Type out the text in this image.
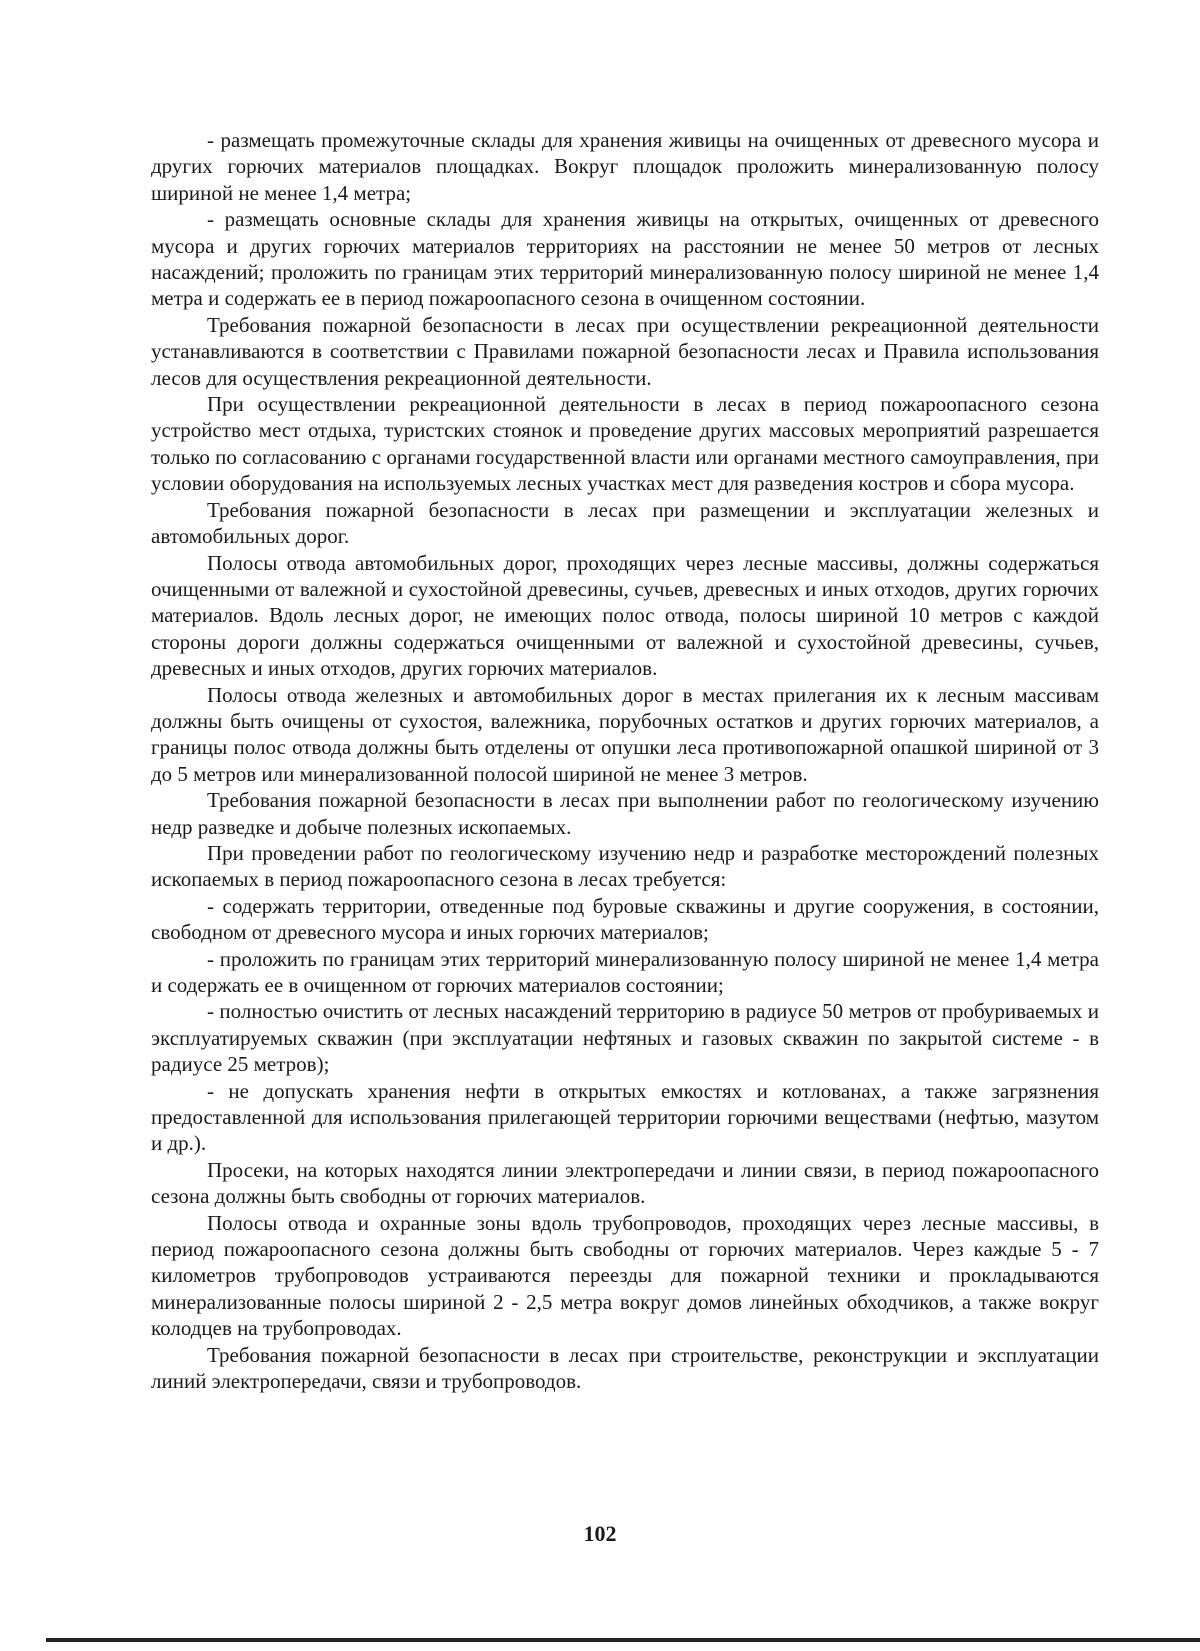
- размещать промежуточные склады для хранения живицы на очищенных от древесного мусора и других горючих материалов площадках. Вокруг площадок проложить минерализованную полосу шириной не менее 1,4 метра;

- размещать основные склады для хранения живицы на открытых, очищенных от древесного мусора и других горючих материалов территориях на расстоянии не менее 50 метров от лесных насаждений; проложить по границам этих территорий минерализованную полосу шириной не менее 1,4 метра и содержать ее в период пожароопасного сезона в очищенном состоянии.

Требования пожарной безопасности в лесах при осуществлении рекреационной деятельности устанавливаются в соответствии с Правилами пожарной безопасности лесах и Правила использования лесов для осуществления рекреационной деятельности.

При осуществлении рекреационной деятельности в лесах в период пожароопасного сезона устройство мест отдыха, туристских стоянок и проведение других массовых мероприятий разрешается только по согласованию с органами государственной власти или органами местного самоуправления, при условии оборудования на используемых лесных участках мест для разведения костров и сбора мусора.

Требования пожарной безопасности в лесах при размещении и эксплуатации железных и автомобильных дорог.

Полосы отвода автомобильных дорог, проходящих через лесные массивы, должны содержаться очищенными от валежной и сухостойной древесины, сучьев, древесных и иных отходов, других горючих материалов. Вдоль лесных дорог, не имеющих полос отвода, полосы шириной 10 метров с каждой стороны дороги должны содержаться очищенными от валежной и сухостойной древесины, сучьев, древесных и иных отходов, других горючих материалов.

Полосы отвода железных и автомобильных дорог в местах прилегания их к лесным массивам должны быть очищены от сухостоя, валежника, порубочных остатков и других горючих материалов, а границы полос отвода должны быть отделены от опушки леса противопожарной опашкой шириной от 3 до 5 метров или минерализованной полосой шириной не менее 3 метров.

Требования пожарной безопасности в лесах при выполнении работ по геологическому изучению недр разведке и добыче полезных ископаемых.

При проведении работ по геологическому изучению недр и разработке месторождений полезных ископаемых в период пожароопасного сезона в лесах требуется:

- содержать территории, отведенные под буровые скважины и другие сооружения, в состоянии, свободном от древесного мусора и иных горючих материалов;

- проложить по границам этих территорий минерализованную полосу шириной не менее 1,4 метра и содержать ее в очищенном от горючих материалов состоянии;

- полностью очистить от лесных насаждений территорию в радиусе 50 метров от пробуриваемых и эксплуатируемых скважин (при эксплуатации нефтяных и газовых скважин по закрытой системе - в радиусе 25 метров);

- не допускать хранения нефти в открытых емкостях и котлованах, а также загрязнения предоставленной для использования прилегающей территории горючими веществами (нефтью, мазутом и др.).

Просеки, на которых находятся линии электропередачи и линии связи, в период пожароопасного сезона должны быть свободны от горючих материалов.

Полосы отвода и охранные зоны вдоль трубопроводов, проходящих через лесные массивы, в период пожароопасного сезона должны быть свободны от горючих материалов. Через каждые 5 - 7 километров трубопроводов устраиваются переезды для пожарной техники и прокладываются минерализованные полосы шириной 2 - 2,5 метра вокруг домов линейных обходчиков, а также вокруг колодцев на трубопроводах.

Требования пожарной безопасности в лесах при строительстве, реконструкции и эксплуатации линий электропередачи, связи и трубопроводов.

102
